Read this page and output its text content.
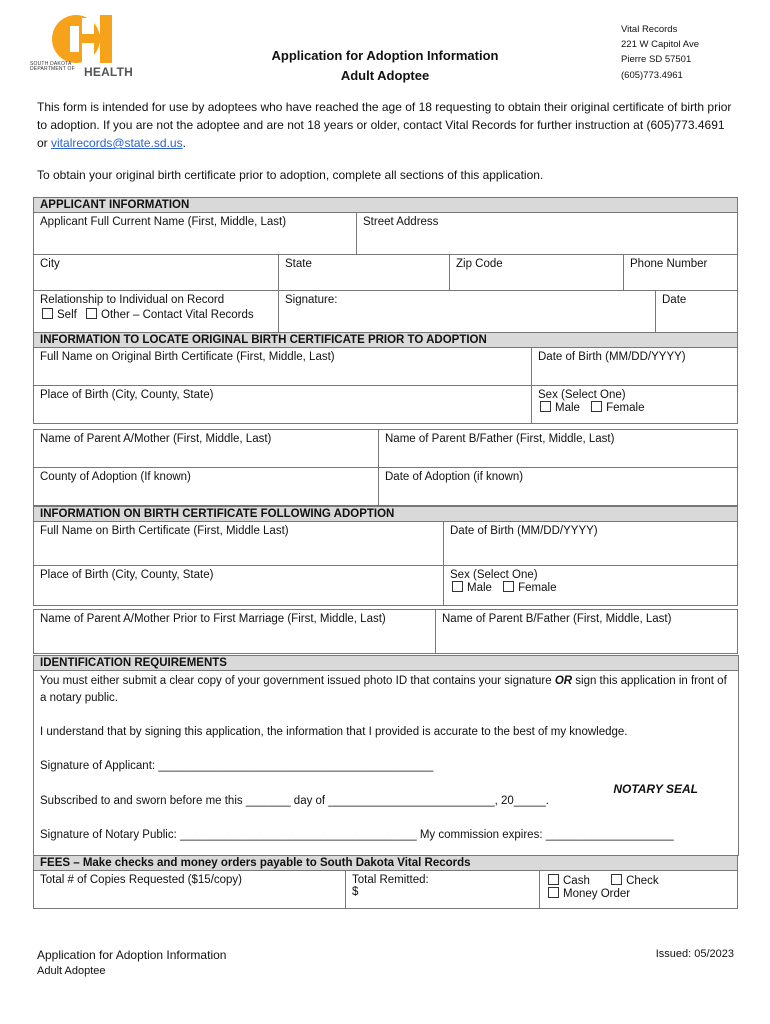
SOUTH DAKOTA DEPARTMENT OF HEALTH
Application for Adoption Information
Adult Adoptee
Vital Records
221 W Capitol Ave
Pierre SD 57501
(605)773.4961
This form is intended for use by adoptees who have reached the age of 18 requesting to obtain their original certificate of birth prior to adoption. If you are not the adoptee and are not 18 years or older, contact Vital Records for further instruction at (605)773.4691 or vitalrecords@state.sd.us.
To obtain your original birth certificate prior to adoption, complete all sections of this application.
APPLICANT INFORMATION						
Applicant Full Current Name (First, Middle, Last)		Street Address				
City	State		Zip Code		Phone Number	

Relationship to Individual on Record
Self Other – Contact Vital Records	Signature:					Date
INFORMATION TO LOCATE ORIGINAL BIRTH CERTIFICATE PRIOR TO ADOPTION						
Full Name on Original Birth Certificate (First, Middle, Last)				Date of Birth (MM/DD/YYYY)		
Place of Birth (City, County, State)				Sex (Select One)
Male Female		
Name of Parent A/Mother (First, Middle, Last)	Name of Parent B/Father (First, Middle, Last)
County of Adoption (If known)	Date of Adoption (if known)
INFORMATION ON BIRTH CERTIFICATE FOLLOWING ADOPTION	
Full Name on Birth Certificate (First, Middle Last)	Date of Birth (MM/DD/YYYY)
Place of Birth (City, County, State)	Sex (Select One)
Male Female
Name of Parent A/Mother Prior to First Marriage (First, Middle, Last)	Name of Parent B/Father (First, Middle, Last)
IDENTIFICATION REQUIREMENTS

You must either submit a clear copy of your government issued photo ID that contains your signature OR sign this application in front of a notary public.

I understand that by signing this application, the information that I provided is accurate to the best of my knowledge.

Signature of Applicant: ___________________________________________

NOTARY SEAL

Subscribed to and sworn before me this _______ day of __________________________, 20_____.

Signature of Notary Public: _____________________________________ My commission expires: ____________________

FEES – Make checks and money orders payable to South Dakota Vital Records
Total # of Copies Requested ($15/copy)	Total Remitted:
$

Cash	Check
Money Order
Application for Adoption Information
Adult Adoptee
Issued: 05/2023
